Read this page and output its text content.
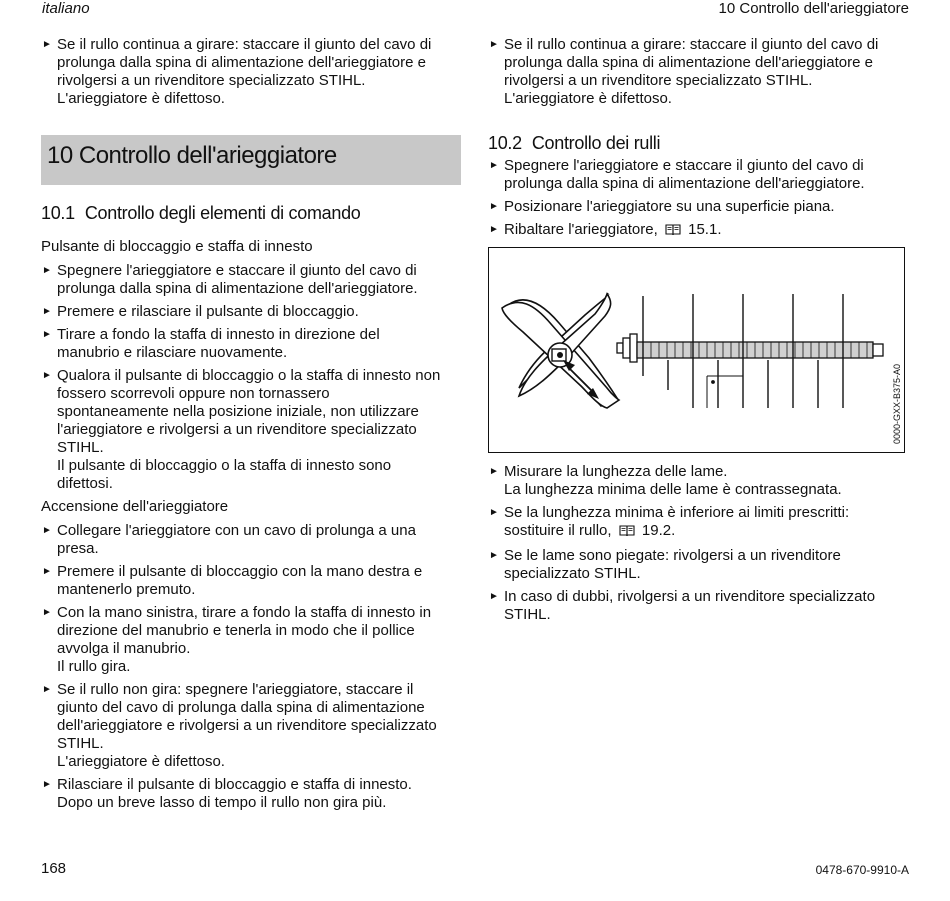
italiano	10 Controllo dell'arieggiatore
► Se il rullo continua a girare: staccare il giunto del cavo di
prolunga dalla spina di alimentazione dell'arieggiatore e
rivolgersi a un rivenditore specializzato STIHL.
L'arieggiatore è difettoso.
10 Controllo dell'arieggiatore
10.1 Controllo degli elementi di comando
Pulsante di bloccaggio e staffa di innesto
► Spegnere l'arieggiatore e staccare il giunto del cavo di
prolunga dalla spina di alimentazione dell'arieggiatore.
► Premere e rilasciare il pulsante di bloccaggio.
► Tirare a fondo la staffa di innesto in direzione del
manubrio e rilasciare nuovamente.
► Qualora il pulsante di bloccaggio o la staffa di innesto non
fossero scorrevoli oppure non tornassero
spontaneamente nella posizione iniziale, non utilizzare
l'arieggiatore e rivolgersi a un rivenditore specializzato
STIHL.
Il pulsante di bloccaggio o la staffa di innesto sono
difettosi.
Accensione dell'arieggiatore
► Collegare l'arieggiatore con un cavo di prolunga a una
presa.
► Premere il pulsante di bloccaggio con la mano destra e
mantenerlo premuto.
► Con la mano sinistra, tirare a fondo la staffa di innesto in
direzione del manubrio e tenerla in modo che il pollice
avvolga il manubrio.
Il rullo gira.
► Se il rullo non gira: spegnere l'arieggiatore, staccare il
giunto del cavo di prolunga dalla spina di alimentazione
dell'arieggiatore e rivolgersi a un rivenditore specializzato
STIHL.
L'arieggiatore è difettoso.
► Rilasciare il pulsante di bloccaggio e staffa di innesto.
Dopo un breve lasso di tempo il rullo non gira più.
► Se il rullo continua a girare: staccare il giunto del cavo di
prolunga dalla spina di alimentazione dell'arieggiatore e
rivolgersi a un rivenditore specializzato STIHL.
L'arieggiatore è difettoso.
10.2 Controllo dei rulli
► Spegnere l'arieggiatore e staccare il giunto del cavo di
prolunga dalla spina di alimentazione dell'arieggiatore.
► Posizionare l'arieggiatore su una superficie piana.
► Ribaltare l'arieggiatore, 15.1.
0000-GXX-B375-A0
► Misurare la lunghezza delle lame.
La lunghezza minima delle lame è contrassegnata.
► Se la lunghezza minima è inferiore ai limiti prescritti:
sostituire il rullo, 19.2.
► Se le lame sono piegate: rivolgersi a un rivenditore
specializzato STIHL.
► In caso di dubbi, rivolgersi a un rivenditore specializzato
STIHL.
168	0478-670-9910-A
